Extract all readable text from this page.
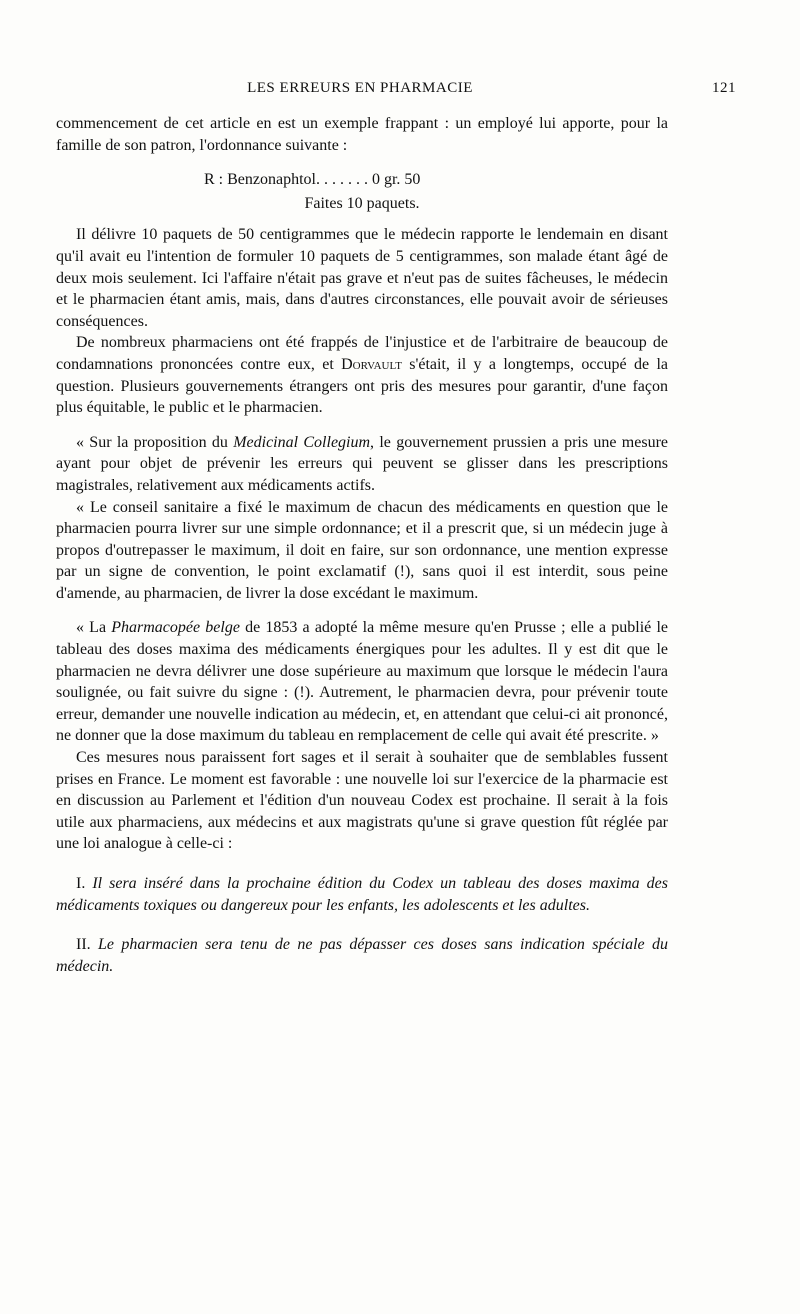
LES ERREURS EN PHARMACIE	121

commencement de cet article en est un exemple frappant : un employé lui apporte, pour la famille de son patron, l'ordonnance suivante :

R : Benzonaphtol. . . . . . . 0 gr. 50

Faites 10 paquets.

Il délivre 10 paquets de 50 centigrammes que le médecin rapporte le lendemain en disant qu'il avait eu l'intention de formuler 10 paquets de 5 centigrammes, son malade étant âgé de deux mois seulement. Ici l'affaire n'était pas grave et n'eut pas de suites fâcheuses, le médecin et le pharmacien étant amis, mais, dans d'autres circonstances, elle pouvait avoir de sérieuses conséquences.

De nombreux pharmaciens ont été frappés de l'injustice et de l'arbitraire de beaucoup de condamnations prononcées contre eux, et Dorvault s'était, il y a longtemps, occupé de la question. Plusieurs gouvernements étrangers ont pris des mesures pour garantir, d'une façon plus équitable, le public et le pharmacien.

« Sur la proposition du Medicinal Collegium, le gouvernement prussien a pris une mesure ayant pour objet de prévenir les erreurs qui peuvent se glisser dans les prescriptions magistrales, relativement aux médicaments actifs.

« Le conseil sanitaire a fixé le maximum de chacun des médicaments en question que le pharmacien pourra livrer sur une simple ordonnance; et il a prescrit que, si un médecin juge à propos d'outrepasser le maximum, il doit en faire, sur son ordonnance, une mention expresse par un signe de convention, le point exclamatif (!), sans quoi il est interdit, sous peine d'amende, au pharmacien, de livrer la dose excédant le maximum.

« La Pharmacopée belge de 1853 a adopté la même mesure qu'en Prusse ; elle a publié le tableau des doses maxima des médicaments énergiques pour les adultes. Il y est dit que le pharmacien ne devra délivrer une dose supérieure au maximum que lorsque le médecin l'aura soulignée, ou fait suivre du signe : (!). Autrement, le pharmacien devra, pour prévenir toute erreur, demander une nouvelle indication au médecin, et, en attendant que celui-ci ait prononcé, ne donner que la dose maximum du tableau en remplacement de celle qui avait été prescrite. »

Ces mesures nous paraissent fort sages et il serait à souhaiter que de semblables fussent prises en France. Le moment est favorable : une nouvelle loi sur l'exercice de la pharmacie est en discussion au Parlement et l'édition d'un nouveau Codex est prochaine. Il serait à la fois utile aux pharmaciens, aux médecins et aux magistrats qu'une si grave question fût réglée par une loi analogue à celle-ci :

I. Il sera inséré dans la prochaine édition du Codex un tableau des doses maxima des médicaments toxiques ou dangereux pour les enfants, les adolescents et les adultes.

II. Le pharmacien sera tenu de ne pas dépasser ces doses sans indication spéciale du médecin.
